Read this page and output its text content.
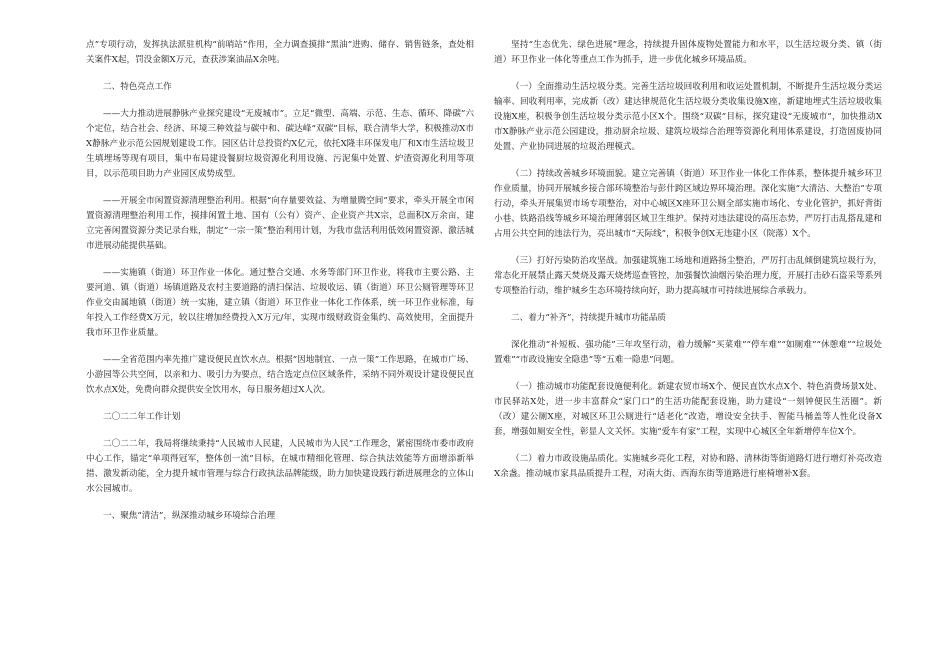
点”专项行动，发挥执法派驻机构“前哨站”作用，全力调查摸排“黑油”进购、储存、销售链条，查处相关案件X起，罚没金额X万元，查获涉案油品X余吨。

二、特色亮点工作

——大力推动进展静脉产业探究建设“无废城市”。立足“微型、高端、示范、生态、循环、降碳”六个定位，结合社会、经济、环境三种效益与碳中和、碳达峰“双碳”目标，联合清华大学，积极推动X市X静脉产业示范公园规划建设工作。园区估计总投资约X亿元，依托X隆丰环保发电厂和X市生活垃圾卫生填埋场等现有项目，集中布局建设餐厨垃圾资源化利用设施、污泥集中处置、炉渣资源化利用等项目，以示范项目助力产业园区成势成型。

——开展全市闲置资源清理整治利用。根据“向存量要效益、为增量腾空间”要求，牵头开展全市闲置资源清理整治利用工作，摸排闲置土地、国有（公有）资产、企业资产共X宗，总面积X万余亩，建立完善闲置资源分类记录台账，制定“一宗一策”整治利用计划，为我市盘活利用低效闲置资源、激活城市进展动能提供基础。

——实施镇（街道）环卫作业一体化。通过整合交通、水务等部门环卫作业，将我市主要公路、主要河道、镇（街道）场镇道路及农村主要道路的清扫保洁、垃圾收运、镇（街道）环卫公厕管理等环卫作业交由属地镇（街道）统一实施，建立镇（街道）环卫作业一体化工作体系，统一环卫作业标准，每年投入工作经费X万元，较以往增加经费投入X万元/年，实现市级财政资金集约、高效使用，全面提升我市环卫作业质量。

——全省范围内率先推广建设便民直饮水点。根据“因地制宜、一点一策”工作思路，在城市广场、小游园等公共空间，以亲和力、吸引力为要点，结合选定点位区域条件，采纳不同外观设计建设便民直饮水点X处，免费向群众提供安全饮用水，每日服务超过X人次。

二〇二二年工作计划

二〇二二年，我局将继续秉持“人民城市人民建，人民城市为人民”工作理念，紧密围绕市委市政府中心工作，锚定“单项得冠军，整体创一流”目标，在城市精细化管理、综合执法效能等方面增添新举措、激发新动能，全力提升城市管理与综合行政执法品牌能级，助力加快建设践行新进展理念的立体山水公园城市。

一、聚焦“清洁”，纵深推动城乡环境综合治理

坚持“生态优先、绿色进展”理念，持续提升固体废物处置能力和水平，以生活垃圾分类、镇（街道）环卫作业一体化等重点工作为抓手，进一步优化城乡环境品质。

（一）全面推动生活垃圾分类。完善生活垃圾回收利用和收运处置机制，不断提升生活垃圾分类运输率、回收利用率，完成新（改）建达律规范化生活垃圾分类收集设施X座，新建地埋式生活垃圾收集设施X座，积极争创生活垃圾分类示范小区X个。围绕“双碳”目标，探究建设“无废城市”，加快推动X市X静脉产业示范公园建设，推动厨余垃圾、建筑垃圾综合治理等资源化利用体系建设，打造固废协同处置、产业协同进展的垃圾治理模式。

（二）持续改善城乡环境面貌。建立完善镇（街道）环卫作业一体化工作体系，整体提升城乡环卫作业质量，协同开展城乡接合部环境整治与彭什跨区域边界环境治理。深化实施“大清洁、大整治”专项行动，牵头开展集贸市场专项整治，对中心城区X座环卫公厕全部实施市场化、专业化管护，抓好背街小巷、铁路沿线等城乡环境治理薄弱区域卫生维护。保持对违法建设的高压态势，严厉打击乱搭乱建和占用公共空间的违法行为，亮出城市“天际线”，积极争创X无违建小区（院落）X个。

（三）打好污染防治攻坚战。加强建筑施工场地和道路扬尘整治，严厉打击乱倾倒建筑垃圾行为，常态化开展禁止露天焚烧及露天烧烤巡查管控，加强餐饮油烟污染治理力度，开展打击砂石盗采等系列专项整治行动，维护城乡生态环境持续向好，助力提高城市可持续进展综合承载力。

二、着力“补齐”，持续提升城市功能品质

深化推动“补短板、强功能”三年攻坚行动，着力缓解“买菜难”“停车难”“如厕难”“休憩难”“垃圾处置难”“市政设施安全隐患”等“五难一隐患”问题。

（一）推动城市功能配套设施便利化。新建农贸市场X个、便民直饮水点X个、特色消费场景X处、市民驿站X处，进一步丰富群众“家门口”的生活功能配套设施，助力建设“一刻钟便民生活圈”。新（改）建公厕X座，对城区环卫公厕进行“适老化”改造，增设安全扶手、智能马桶盖等人性化设备X套，增强如厕安全性，彰显人文关怀。实施“爱车有家”工程，实现中心城区全年新增停车位X个。

（二）着力市政设施品质化。实施城乡亮化工程，对协和路、清林街等街道路灯进行增灯补亮改造X余盏。推动城市家具品质提升工程，对南大街、西海东街等道路进行座椅增补X套。
